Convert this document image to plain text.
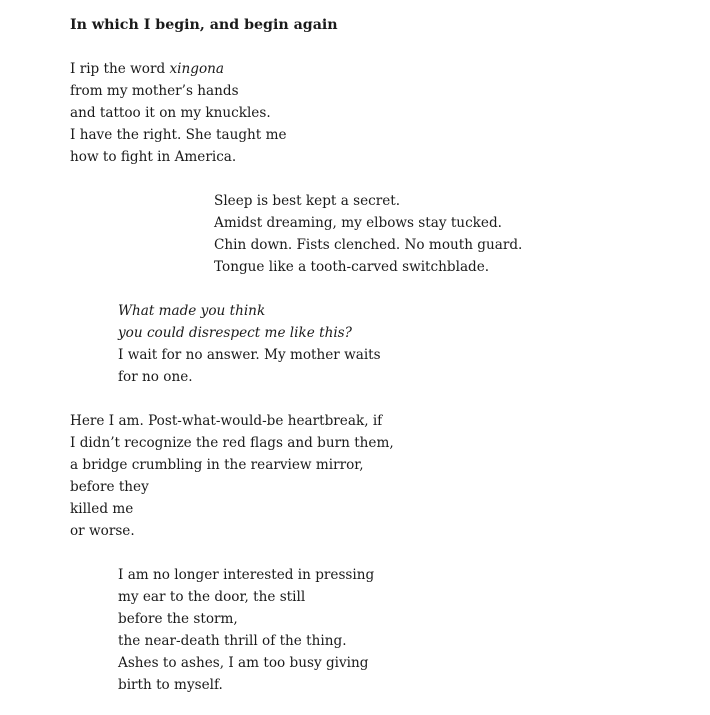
In which I begin, and begin again
I rip the word xingona
from my mother’s hands
and tattoo it on my knuckles.
I have the right. She taught me
how to fight in America.
Sleep is best kept a secret.
Amidst dreaming, my elbows stay tucked.
Chin down. Fists clenched. No mouth guard.
Tongue like a tooth-carved switchblade.
What made you think
you could disrespect me like this?
I wait for no answer. My mother waits
for no one.
Here I am. Post-what-would-be heartbreak, if
I didn’t recognize the red flags and burn them,
a bridge crumbling in the rearview mirror,
before they
killed me
or worse.
I am no longer interested in pressing
my ear to the door, the still
before the storm,
the near-death thrill of the thing.
Ashes to ashes, I am too busy giving
birth to myself.
